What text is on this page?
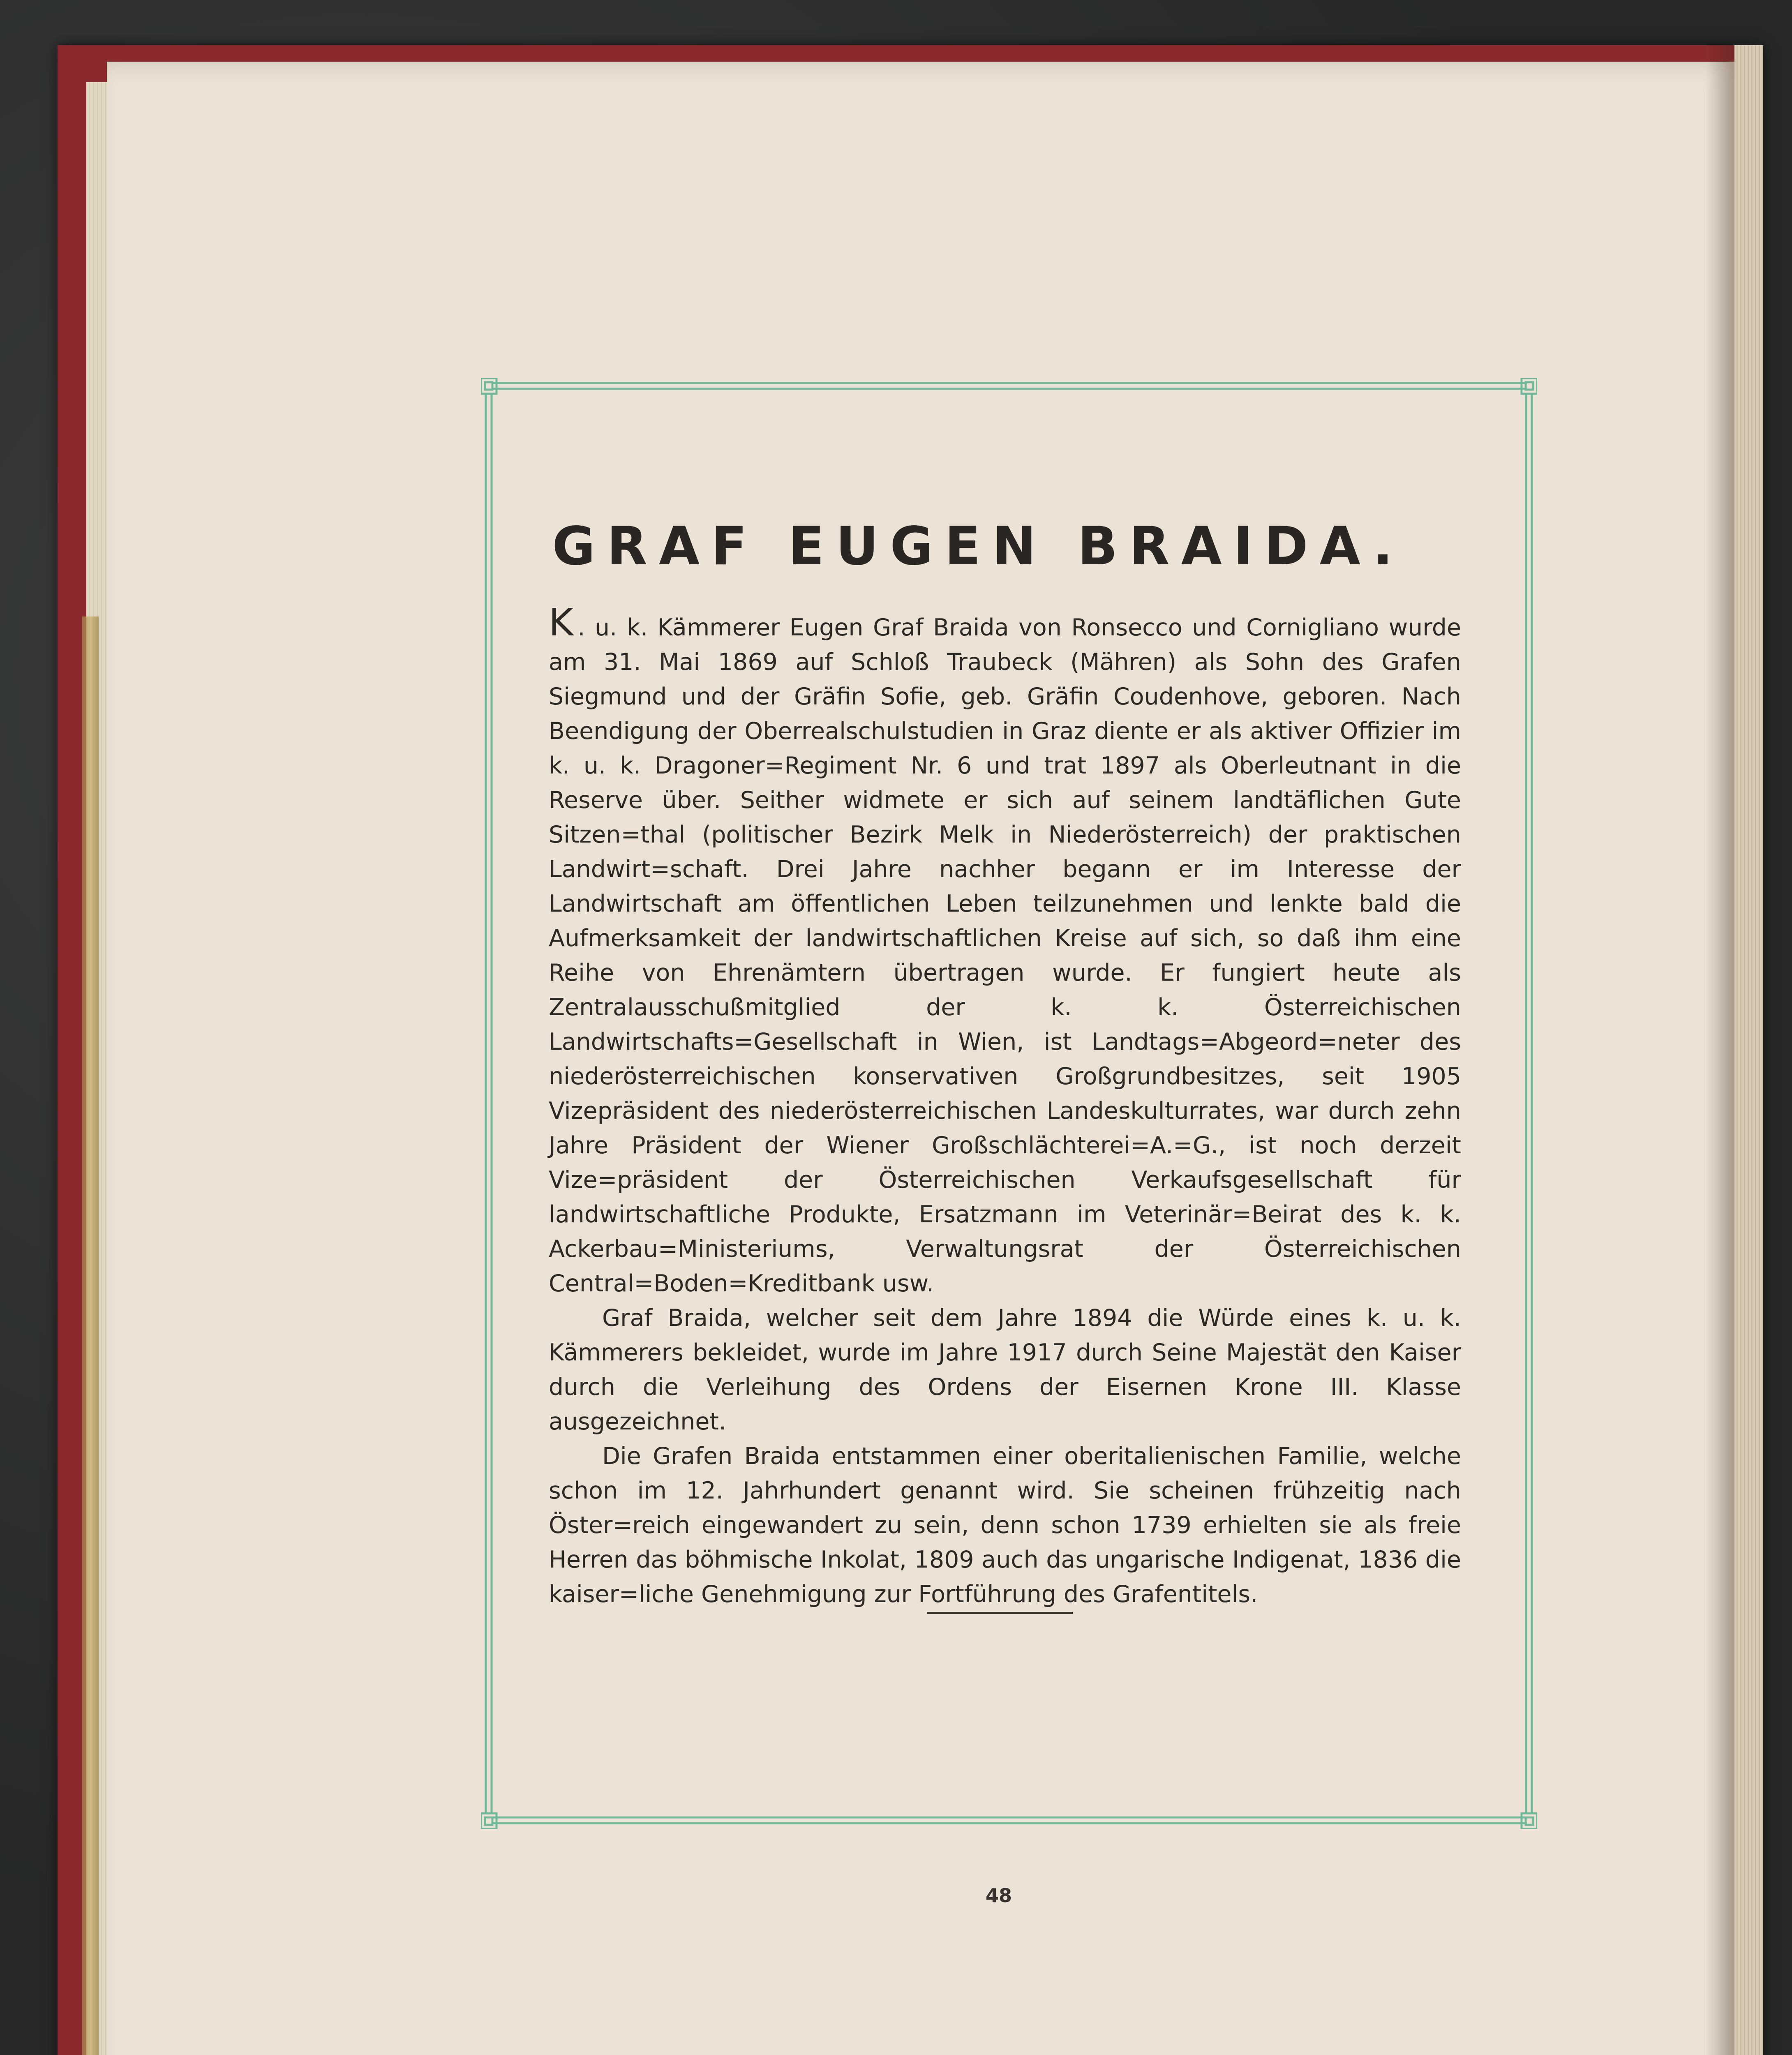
GRAF EUGEN BRAIDA.

K . u. k. Kämmerer Eugen Graf Braida von Ronsecco und Cornigliano wurde am 31. Mai 1869 auf Schloß Traubeck (Mähren) als Sohn des Grafen Siegmund und der Gräfin Sofie, geb. Gräfin Coudenhove, geboren. Nach Beendigung der Oberrealschulstudien in Graz diente er als aktiver Offizier im k. u. k. Dragoner=Regiment Nr. 6 und trat 1897 als Oberleutnant in die Reserve über. Seither widmete er sich auf seinem landtäflichen Gute Sitzen=thal (politischer Bezirk Melk in Niederösterreich) der praktischen Landwirt=schaft. Drei Jahre nachher begann er im Interesse der Landwirtschaft am öffentlichen Leben teilzunehmen und lenkte bald die Aufmerksamkeit der landwirtschaftlichen Kreise auf sich, so daß ihm eine Reihe von Ehrenämtern übertragen wurde. Er fungiert heute als Zentralausschußmitglied der k. k. Österreichischen Landwirtschafts=Gesellschaft in Wien, ist Landtags=Abgeord=neter des niederösterreichischen konservativen Großgrundbesitzes, seit 1905 Vizepräsident des niederösterreichischen Landeskulturrates, war durch zehn Jahre Präsident der Wiener Großschlächterei=A.=G., ist noch derzeit Vize=präsident der Österreichischen Verkaufsgesellschaft für landwirtschaftliche Produkte, Ersatzmann im Veterinär=Beirat des k. k. Ackerbau=Ministeriums, Verwaltungsrat der Österreichischen Central=Boden=Kreditbank usw.

Graf Braida, welcher seit dem Jahre 1894 die Würde eines k. u. k. Kämmerers bekleidet, wurde im Jahre 1917 durch Seine Majestät den Kaiser durch die Verleihung des Ordens der Eisernen Krone III. Klasse ausgezeichnet.

Die Grafen Braida entstammen einer oberitalienischen Familie, welche schon im 12. Jahrhundert genannt wird. Sie scheinen frühzeitig nach Öster=reich eingewandert zu sein, denn schon 1739 erhielten sie als freie Herren das böhmische Inkolat, 1809 auch das ungarische Indigenat, 1836 die kaiser=liche Genehmigung zur Fortführung des Grafentitels.

48
